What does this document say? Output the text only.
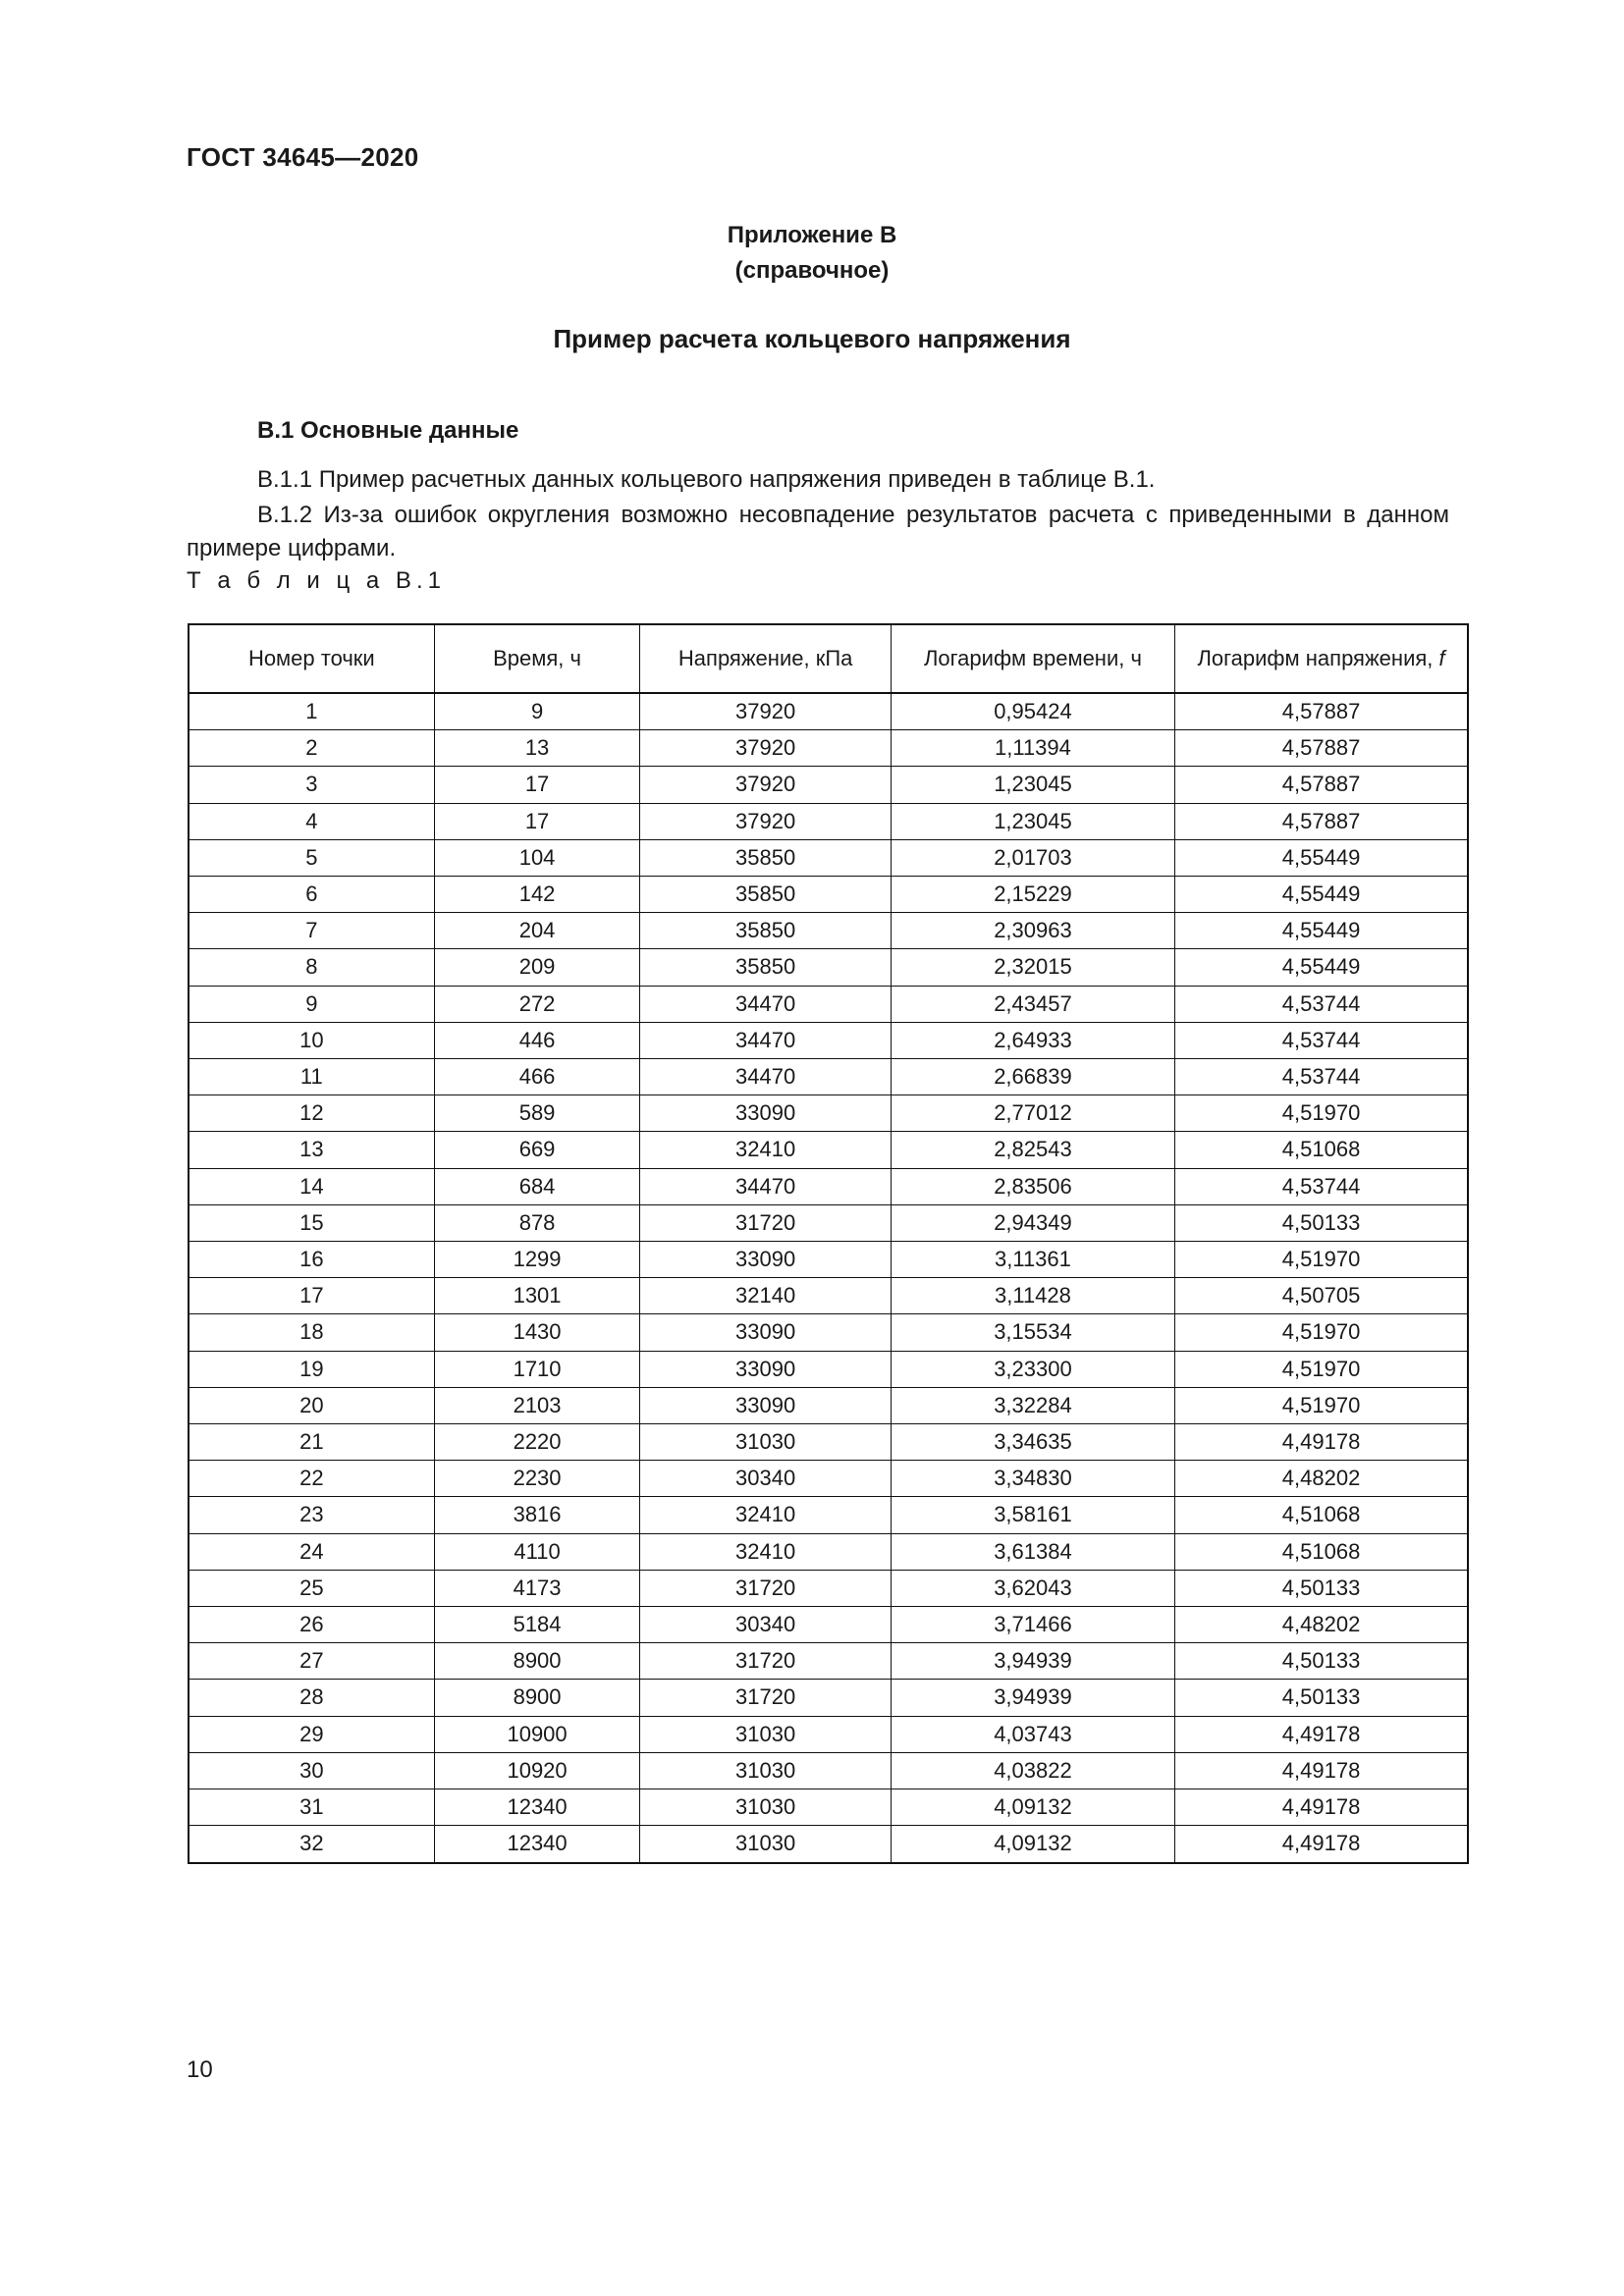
ГОСТ 34645—2020
Приложение В
(справочное)
Пример расчета кольцевого напряжения
В.1 Основные данные
В.1.1 Пример расчетных данных кольцевого напряжения приведен в таблице В.1.
В.1.2 Из-за ошибок округления возможно несовпадение результатов расчета с приведенными в данном примере цифрами.
Т а б л и ц а В.1
Номер точки	Время, ч	Напряжение, кПа	Логарифм времени, ч	Логарифм напряжения, f
1	9	37920	0,95424	4,57887
2	13	37920	1,11394	4,57887
3	17	37920	1,23045	4,57887
4	17	37920	1,23045	4,57887
5	104	35850	2,01703	4,55449
6	142	35850	2,15229	4,55449
7	204	35850	2,30963	4,55449
8	209	35850	2,32015	4,55449
9	272	34470	2,43457	4,53744
10	446	34470	2,64933	4,53744
11	466	34470	2,66839	4,53744
12	589	33090	2,77012	4,51970
13	669	32410	2,82543	4,51068
14	684	34470	2,83506	4,53744
15	878	31720	2,94349	4,50133
16	1299	33090	3,11361	4,51970
17	1301	32140	3,11428	4,50705
18	1430	33090	3,15534	4,51970
19	1710	33090	3,23300	4,51970
20	2103	33090	3,32284	4,51970
21	2220	31030	3,34635	4,49178
22	2230	30340	3,34830	4,48202
23	3816	32410	3,58161	4,51068
24	4110	32410	3,61384	4,51068
25	4173	31720	3,62043	4,50133
26	5184	30340	3,71466	4,48202
27	8900	31720	3,94939	4,50133
28	8900	31720	3,94939	4,50133
29	10900	31030	4,03743	4,49178
30	10920	31030	4,03822	4,49178
31	12340	31030	4,09132	4,49178
32	12340	31030	4,09132	4,49178
10
